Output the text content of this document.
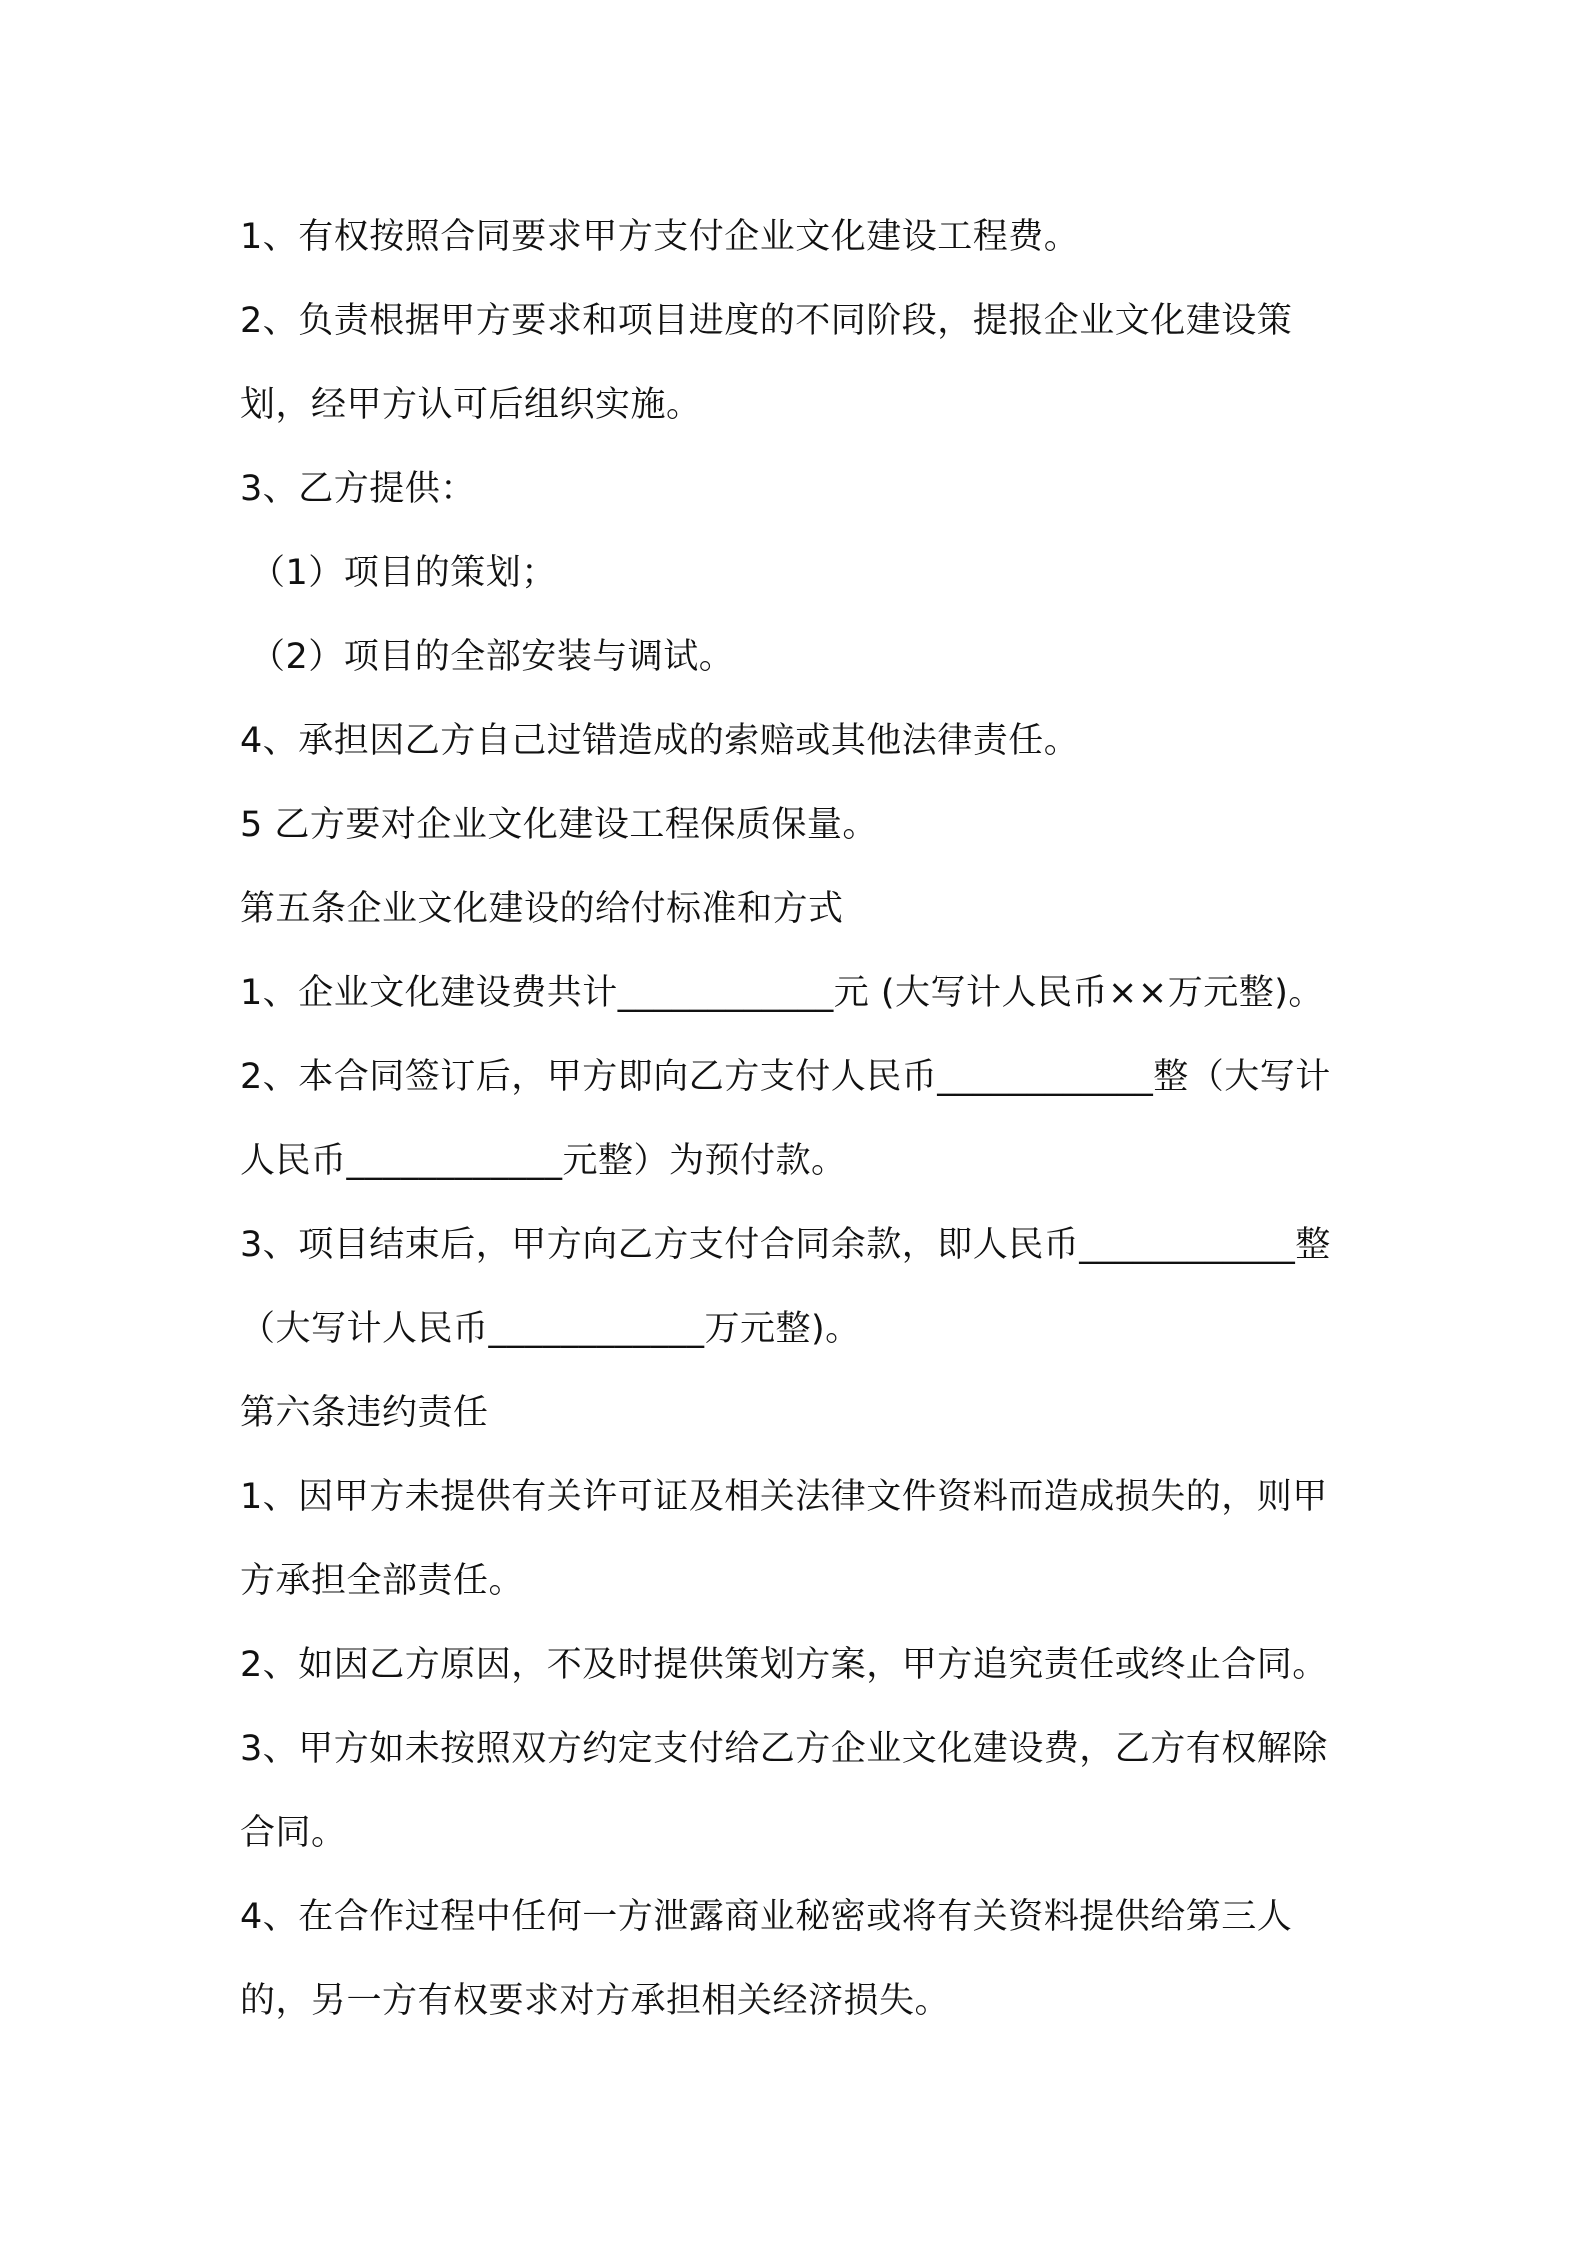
1、有权按照合同要求甲方支付企业文化建设工程费。

2、负责根据甲方要求和项目进度的不同阶段，提报企业文化建设策划，经甲方认可后组织实施。

3、乙方提供：

（1）项目的策划；

（2）项目的全部安装与调试。

4、承担因乙方自己过错造成的索赔或其他法律责任。

5 乙方要对企业文化建设工程保质保量。

第五条企业文化建设的给付标准和方式

1、企业文化建设费共计____________元 (大写计人民币××万元整)。

2、本合同签订后，甲方即向乙方支付人民币____________整（大写计人民币____________元整）为预付款。

3、项目结束后，甲方向乙方支付合同余款，即人民币____________整（大写计人民币____________万元整)。

第六条违约责任

1、因甲方未提供有关许可证及相关法律文件资料而造成损失的，则甲方承担全部责任。

2、如因乙方原因，不及时提供策划方案，甲方追究责任或终止合同。

3、甲方如未按照双方约定支付给乙方企业文化建设费，乙方有权解除合同。

4、在合作过程中任何一方泄露商业秘密或将有关资料提供给第三人的，另一方有权要求对方承担相关经济损失。
